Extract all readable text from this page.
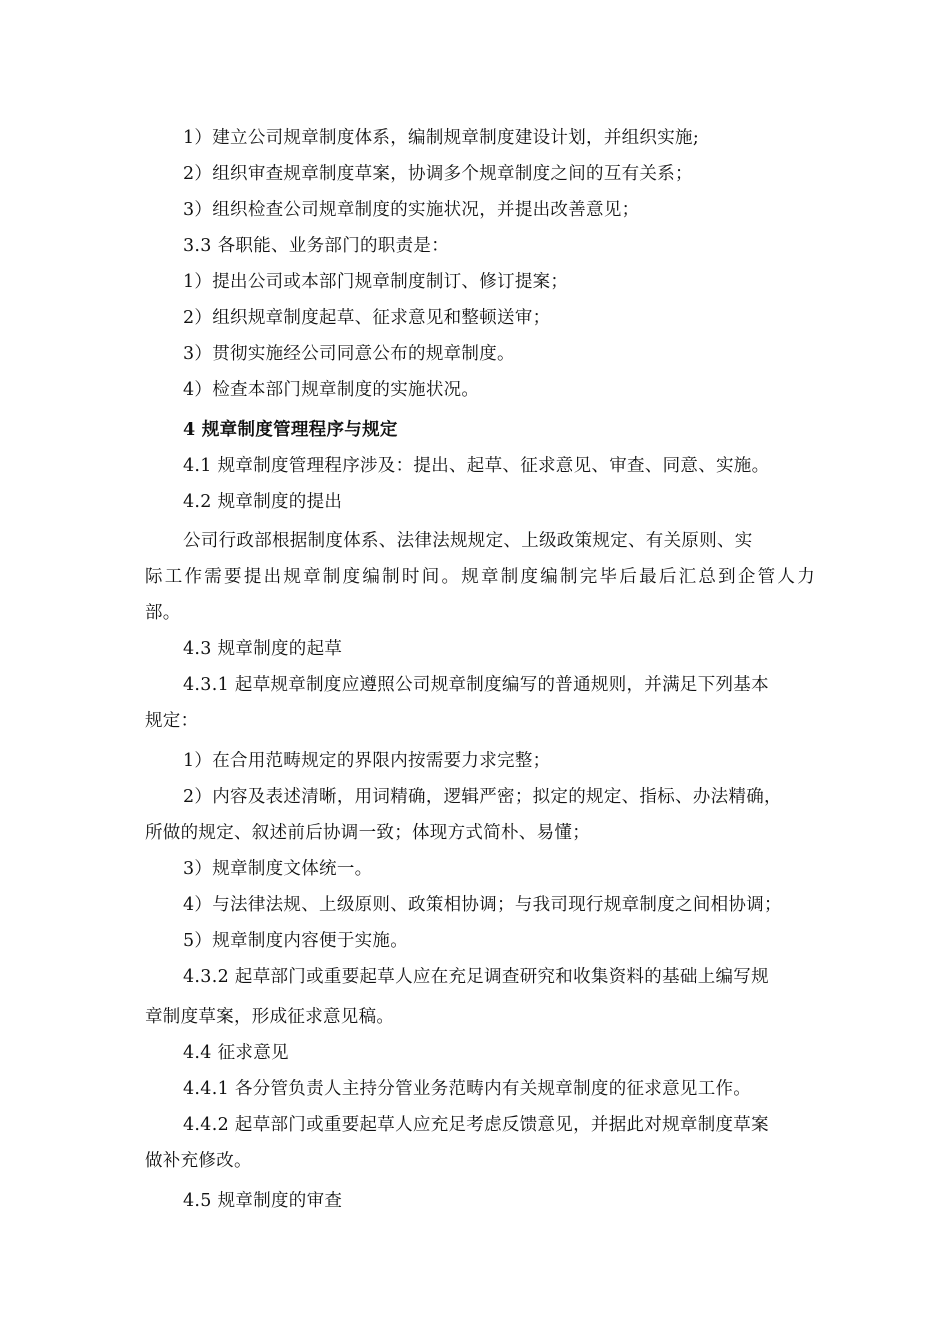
1）建立公司规章制度体系，编制规章制度建设计划，并组织实施;
2）组织审查规章制度草案，协调多个规章制度之间的互有关系；
3）组织检查公司规章制度的实施状况，并提出改善意见；
3.3 各职能、业务部门的职责是：
1）提出公司或本部门规章制度制订、修订提案；
2）组织规章制度起草、征求意见和整顿送审；
3）贯彻实施经公司同意公布的规章制度。
4）检查本部门规章制度的实施状况。
4 规章制度管理程序与规定
4.1 规章制度管理程序涉及：提出、起草、征求意见、审查、同意、实施。
4.2 规章制度的提出
公司行政部根据制度体系、法律法规规定、上级政策规定、有关原则、实
际工作需要提出规章制度编制时间。规章制度编制完毕后最后汇总到企管人力
部。
4.3 规章制度的起草
4.3.1 起草规章制度应遵照公司规章制度编写的普通规则，并满足下列基本
规定：
1）在合用范畴规定的界限内按需要力求完整；
2）内容及表述清晰，用词精确，逻辑严密；拟定的规定、指标、办法精确，
所做的规定、叙述前后协调一致；体现方式简朴、易懂；
3）规章制度文体统一。
4）与法律法规、上级原则、政策相协调；与我司现行规章制度之间相协调；
5）规章制度内容便于实施。
4.3.2 起草部门或重要起草人应在充足调查研究和收集资料的基础上编写规
章制度草案，形成征求意见稿。
4.4 征求意见
4.4.1 各分管负责人主持分管业务范畴内有关规章制度的征求意见工作。
4.4.2 起草部门或重要起草人应充足考虑反馈意见，并据此对规章制度草案
做补充修改。
4.5 规章制度的审查
